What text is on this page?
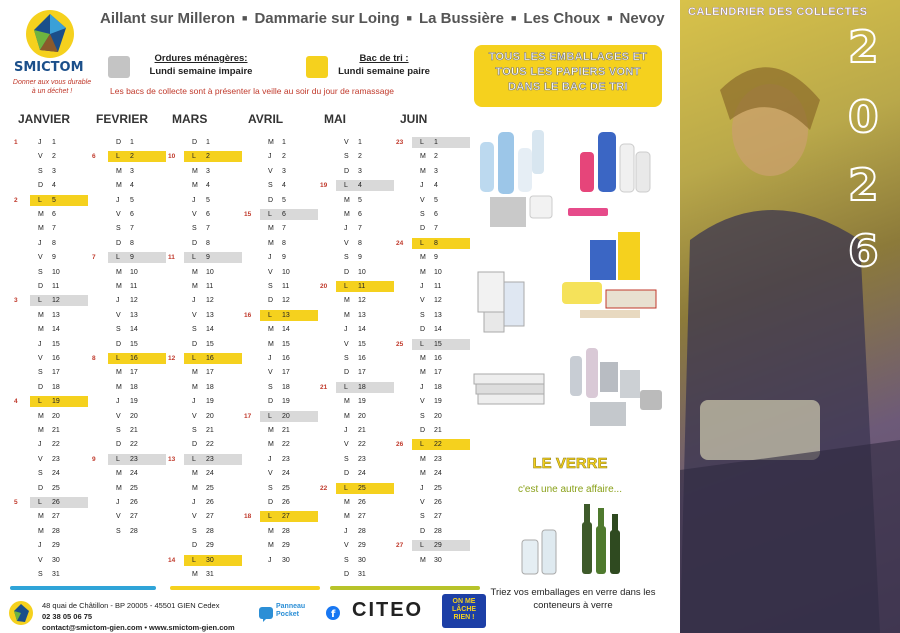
SMICTOM
Donner aux vous durable à un déchet !
Aillant sur Milleron ■ Dammarie sur Loing ■ La Bussière ■ Les Choux ■ Nevoy
Ordures ménagères:
Lundi semaine impaire
Bac de tri :
Lundi semaine paire
Les bacs de collecte sont à présenter la veille au soir du jour de ramassage
TOUS LES EMBALLAGES ET TOUS LES PAPIERS VONT DANS LE BAC DE TRI
JANVIER
1	J	1
V	2
S	3
D	4
2	L	5
M	6
M	7
J	8
V	9
S	10
D	11
3	L	12
M	13
M	14
J	15
V	16
S	17
D	18
4	L	19
M	20
M	21
J	22
V	23
S	24
D	25
5	L	26
M	27
M	28
J	29
V	30
S	31
FEVRIER
D	1
6	L	2
M	3
M	4
J	5
V	6
S	7
D	8
7	L	9
M	10
M	11
J	12
V	13
S	14
D	15
8	L	16
M	17
M	18
J	19
V	20
S	21
D	22
9	L	23
M	24
M	25
J	26
V	27
S	28
MARS
D	1
10	L	2
M	3
M	4
J	5
V	6
S	7
D	8
11	L	9
M	10
M	11
J	12
V	13
S	14
D	15
12	L	16
M	17
M	18
J	19
V	20
S	21
D	22
13	L	23
M	24
M	25
J	26
V	27
S	28
D	29
14	L	30
M	31
AVRIL
M	1
J	2
V	3
S	4
D	5
15	L	6
M	7
M	8
J	9
V	10
S	11
D	12
16	L	13
M	14
M	15
J	16
V	17
S	18
D	19
17	L	20
M	21
M	22
J	23
V	24
S	25
D	26
18	L	27
M	28
M	29
J	30
MAI
V	1
S	2
D	3
19	L	4
M	5
M	6
J	7
V	8
S	9
D	10
20	L	11
M	12
M	13
J	14
V	15
S	16
D	17
21	L	18
M	19
M	20
J	21
V	22
S	23
D	24
22	L	25
M	26
M	27
J	28
V	29
S	30
D	31
JUIN
23	L	1
M	2
M	3
J	4
V	5
S	6
D	7
24	L	8
M	9
M	10
J	11
V	12
S	13
D	14
25	L	15
M	16
M	17
J	18
V	19
S	20
D	21
26	L	22
M	23
M	24
J	25
V	26
S	27
D	28
27	L	29
M	30
48 quai de Châtillon - BP 20005 - 45501 GIEN Cedex
02 38 05 06 75
contact@smictom-gien.com • www.smictom-gien.com
Panneau Pocket	f CITEO	ON ME LÂCHE RIEN !
LE VERRE
c'est une autre affaire...
Triez vos emballages en verre dans les conteneurs à verre
CALENDRIER DES COLLECTES
2
0
2
6
